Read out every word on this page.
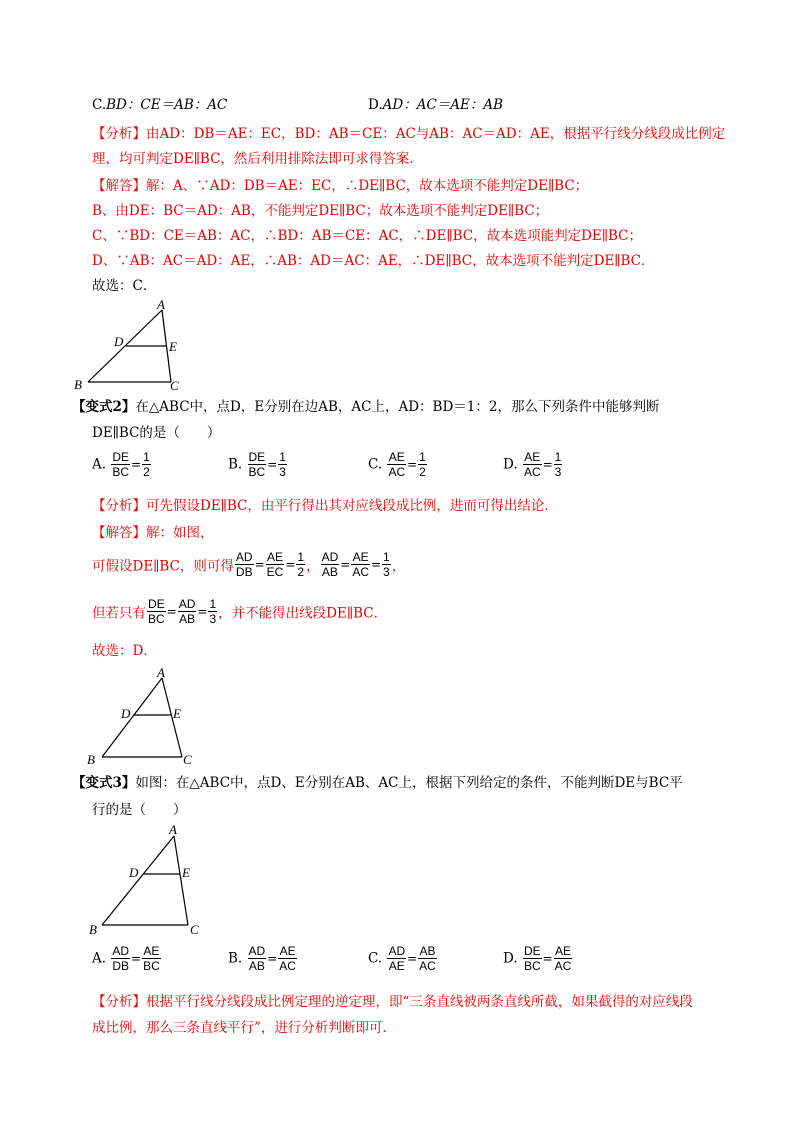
C.BD：CE＝AB：AC	D.AD：AC＝AE：AB
【分析】由AD：DB＝AE：EC，BD：AB＝CE：AC与AB：AC＝AD：AE，根据平行线分线段成比例定
理，均可判定DE∥BC，然后利用排除法即可求得答案．
【解答】解：A、∵AD：DB＝AE：EC，∴DE∥BC，故本选项不能判定DE∥BC；
B、由DE：BC＝AD：AB，不能判定DE∥BC；故本选项不能判定DE∥BC；
C、∵BD：CE＝AB：AC，∴BD：AB＝CE：AC，∴DE∥BC，故本选项能判定DE∥BC；
D、∵AB：AC＝AD：AE，∴AB：AD＝AC：AE，∴DE∥BC，故本选项不能判定DE∥BC．
故选：C．
A
D	E
B	C
【变式2】在△ABC中，点D，E分别在边AB，AC上，AD：BD＝1：2，那么下列条件中能够判断
DE∥BC的是（　　）
A. $\frac{DE}{BC} = \frac{1}{2}$	B. $\frac{DE}{BC} = \frac{1}{3}$	C. $\frac{AE}{AC} = \frac{1}{2}$	D. $\frac{AE}{AC} = \frac{1}{3}$
【分析】可先假设DE∥BC，由平行得出其对应线段成比例，进而可得出结论．
【解答】解：如图，
可假设DE∥BC，则可得 $\frac{AD}{DB} = \frac{AE}{EC} = \frac{1}{2}$ ， $\frac{AD}{AB} = \frac{AE}{AC} = \frac{1}{3}$ ，
但若只有 $\frac{DE}{BC} = \frac{AD}{AB} = \frac{1}{3}$ ，并不能得出线段DE∥BC．
故选：D．
A
D	E
B	C
【变式3】如图：在△ABC中，点D、E分别在AB、AC上，根据下列给定的条件，不能判断DE与BC平
行的是（　　）
A
D	E
B	C
A. $\frac{AD}{DB} = \frac{AE}{BC}$	B. $\frac{AD}{AB} = \frac{AE}{AC}$	C. $\frac{AD}{AE} = \frac{AB}{AC}$	D. $\frac{DE}{BC} = \frac{AE}{AC}$
【分析】根据平行线分线段成比例定理的逆定理，即“三条直线被两条直线所截，如果截得的对应线段
成比例，那么三条直线平行”，进行分析判断即可．
